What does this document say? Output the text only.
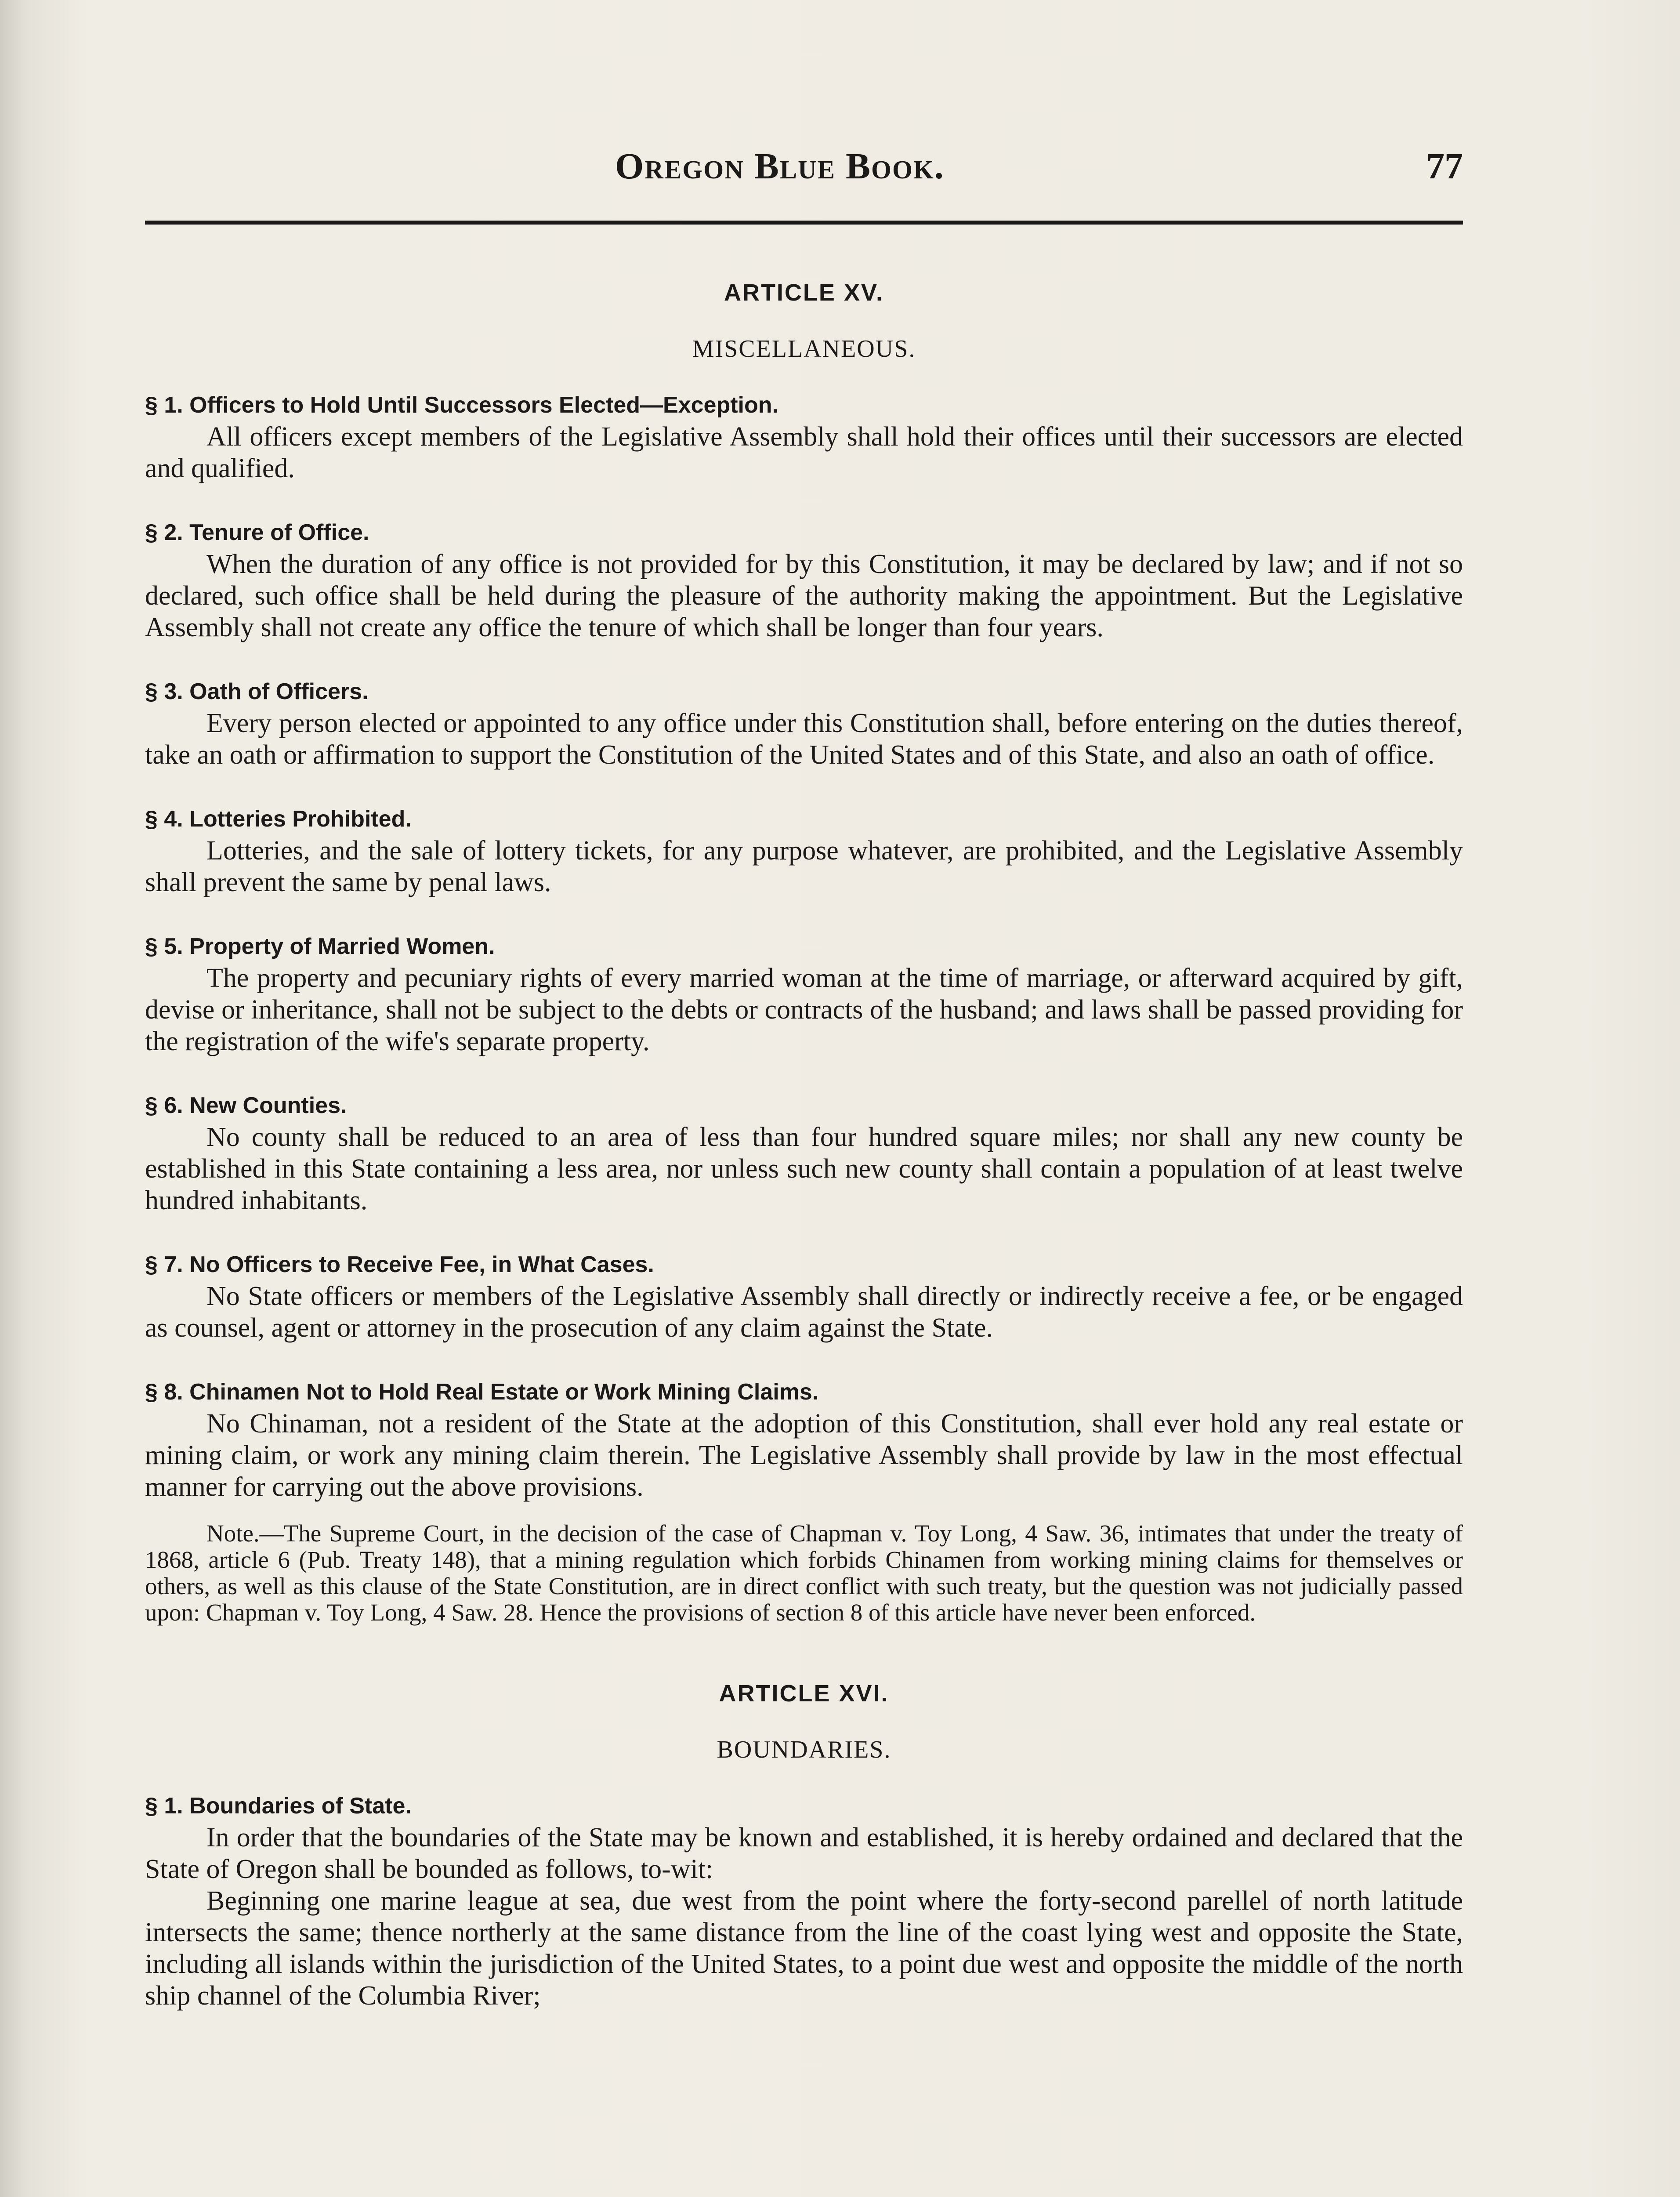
Oregon Blue Book.	77
ARTICLE XV.
MISCELLANEOUS.
§ 1. Officers to Hold Until Successors Elected—Exception.

All officers except members of the Legislative Assembly shall hold their offices until their successors are elected and qualified.

§ 2. Tenure of Office.

When the duration of any office is not provided for by this Constitution, it may be declared by law; and if not so declared, such office shall be held during the pleasure of the authority making the appointment. But the Legislative Assembly shall not create any office the tenure of which shall be longer than four years.

§ 3. Oath of Officers.

Every person elected or appointed to any office under this Constitution shall, before entering on the duties thereof, take an oath or affirmation to support the Constitution of the United States and of this State, and also an oath of office.

§ 4. Lotteries Prohibited.

Lotteries, and the sale of lottery tickets, for any purpose whatever, are prohibited, and the Legislative Assembly shall prevent the same by penal laws.

§ 5. Property of Married Women.

The property and pecuniary rights of every married woman at the time of marriage, or afterward acquired by gift, devise or inheritance, shall not be subject to the debts or contracts of the husband; and laws shall be passed providing for the registration of the wife's separate property.

§ 6. New Counties.

No county shall be reduced to an area of less than four hundred square miles; nor shall any new county be established in this State containing a less area, nor unless such new county shall contain a population of at least twelve hundred inhabitants.

§ 7. No Officers to Receive Fee, in What Cases.

No State officers or members of the Legislative Assembly shall directly or indirectly receive a fee, or be engaged as counsel, agent or attorney in the prosecution of any claim against the State.

§ 8. Chinamen Not to Hold Real Estate or Work Mining Claims.

No Chinaman, not a resident of the State at the adoption of this Constitution, shall ever hold any real estate or mining claim, or work any mining claim therein. The Legislative Assembly shall provide by law in the most effectual manner for carrying out the above provisions.

Note.—The Supreme Court, in the decision of the case of Chapman v. Toy Long, 4 Saw. 36, intimates that under the treaty of 1868, article 6 (Pub. Treaty 148), that a mining regulation which forbids Chinamen from working mining claims for themselves or others, as well as this clause of the State Constitution, are in direct conflict with such treaty, but the question was not judicially passed upon: Chapman v. Toy Long, 4 Saw. 28. Hence the provisions of section 8 of this article have never been enforced.

ARTICLE XVI.
BOUNDARIES.
§ 1. Boundaries of State.

In order that the boundaries of the State may be known and established, it is hereby ordained and declared that the State of Oregon shall be bounded as follows, to-wit:

Beginning one marine league at sea, due west from the point where the forty-second parellel of north latitude intersects the same; thence northerly at the same distance from the line of the coast lying west and opposite the State, including all islands within the jurisdiction of the United States, to a point due west and opposite the middle of the north ship channel of the Columbia River;
